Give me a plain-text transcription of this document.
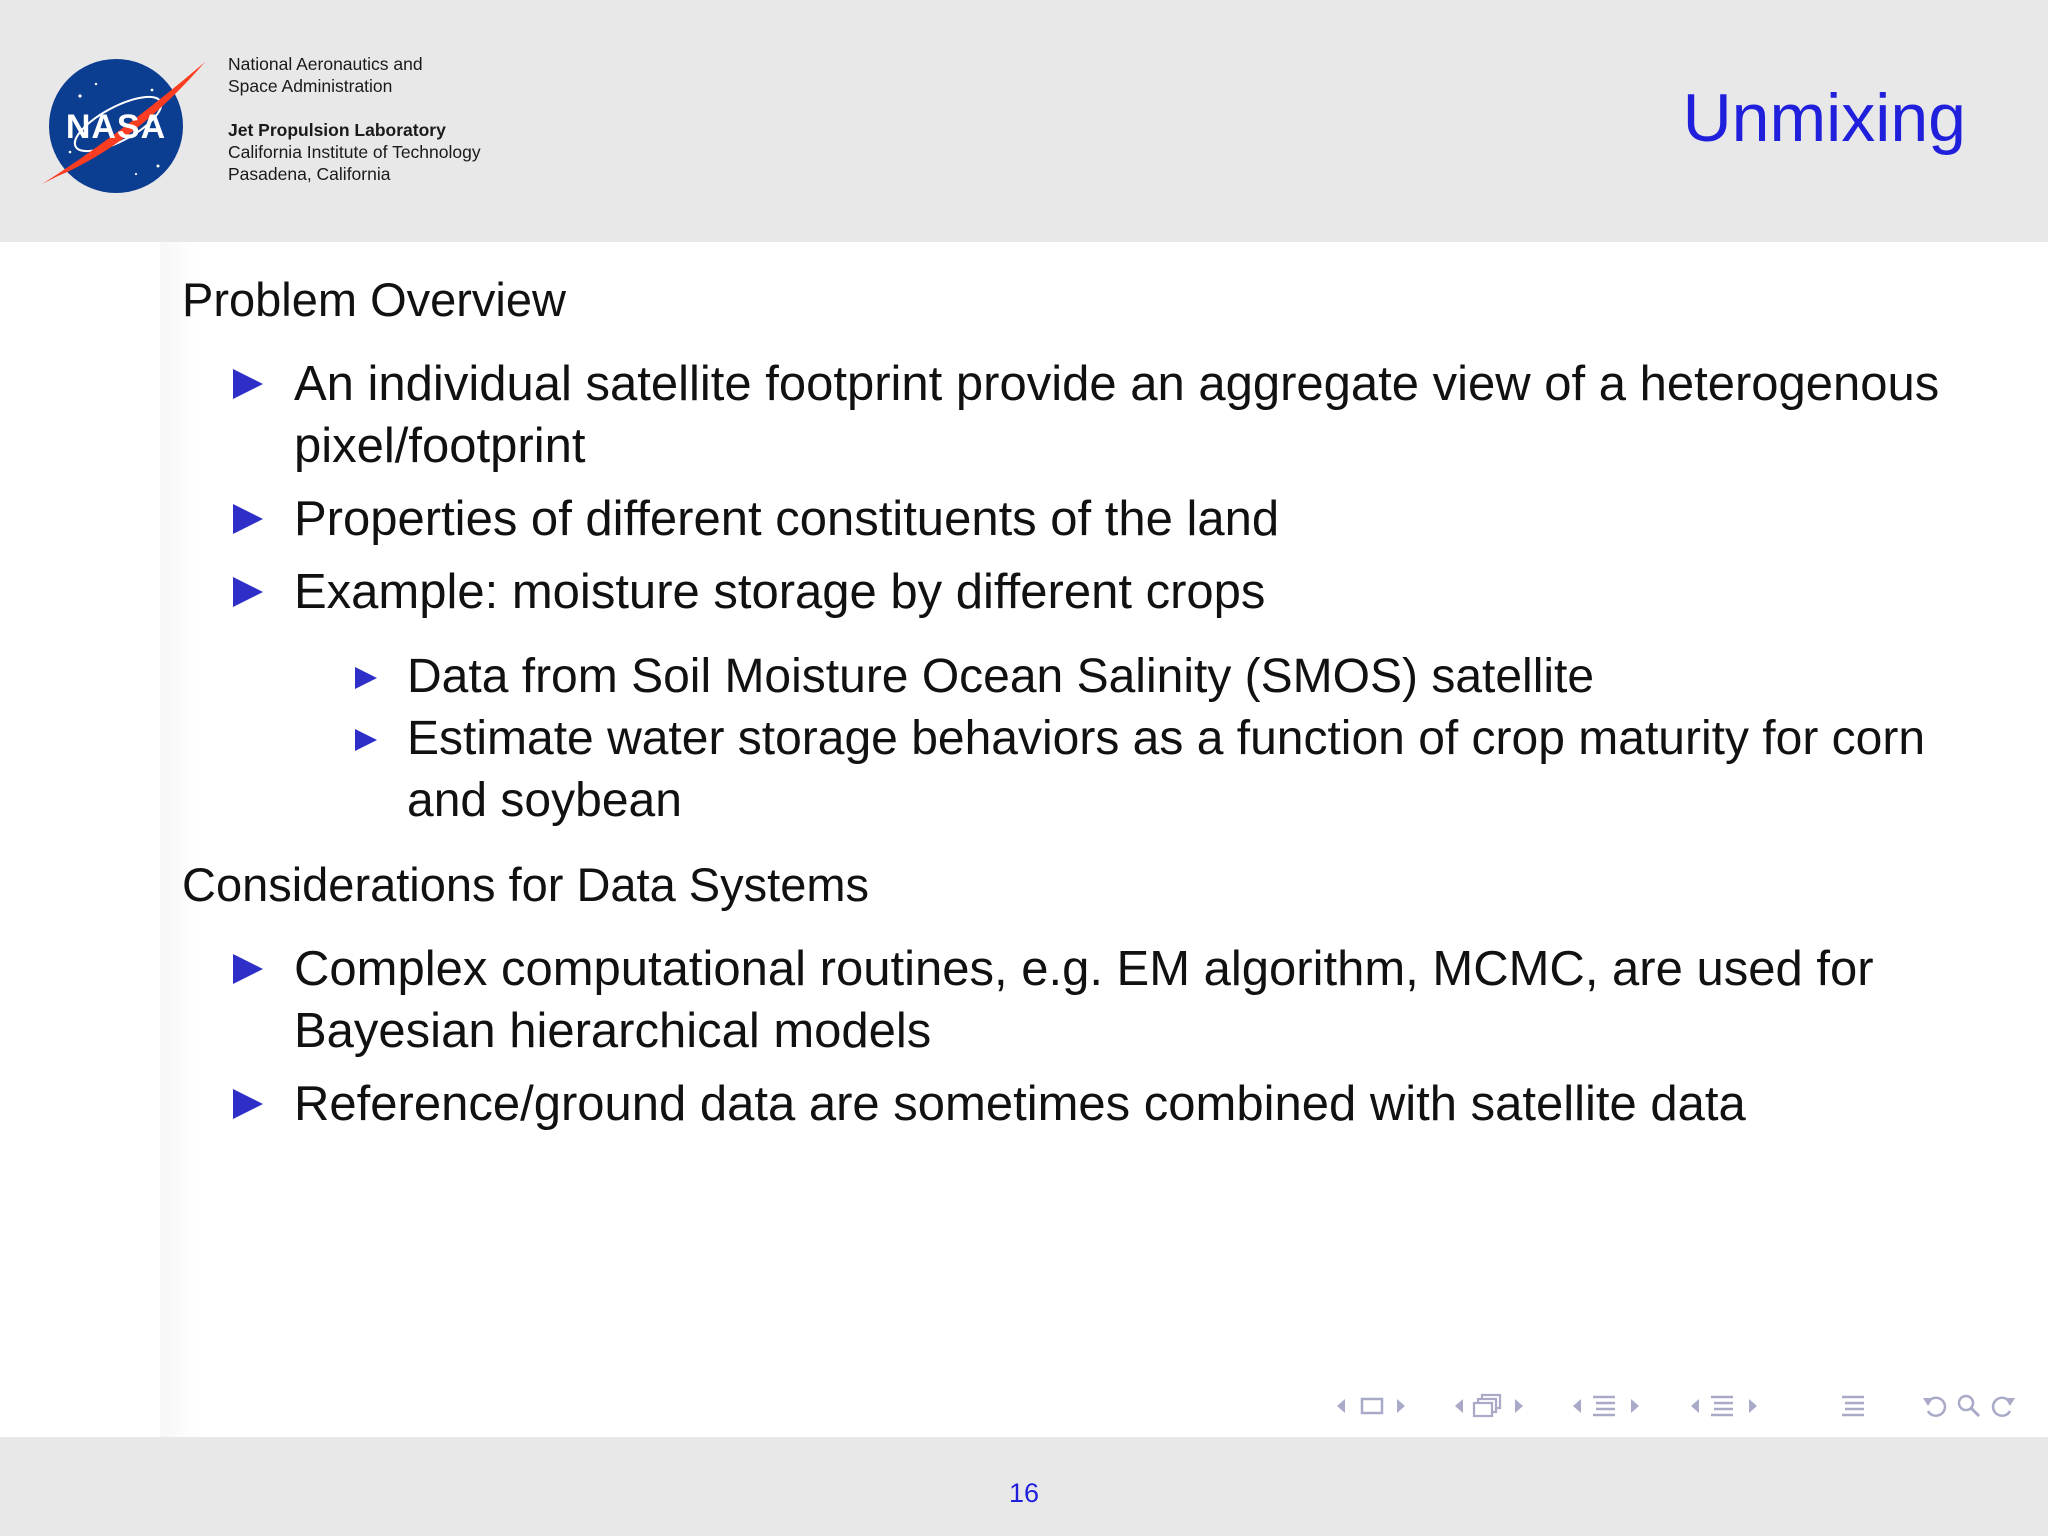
NASA
National Aeronautics and
Space Administration
Jet Propulsion Laboratory
California Institute of Technology
Pasadena, California
Unmixing
Problem Overview
An individual satellite footprint provide an aggregate view of a heterogenous pixel/footprint
Properties of different constituents of the land
Example: moisture storage by different crops
Data from Soil Moisture Ocean Salinity (SMOS) satellite
Estimate water storage behaviors as a function of crop maturity for corn and soybean
Considerations for Data Systems
Complex computational routines, e.g. EM algorithm, MCMC, are used for Bayesian hierarchical models
Reference/ground data are sometimes combined with satellite data
16
